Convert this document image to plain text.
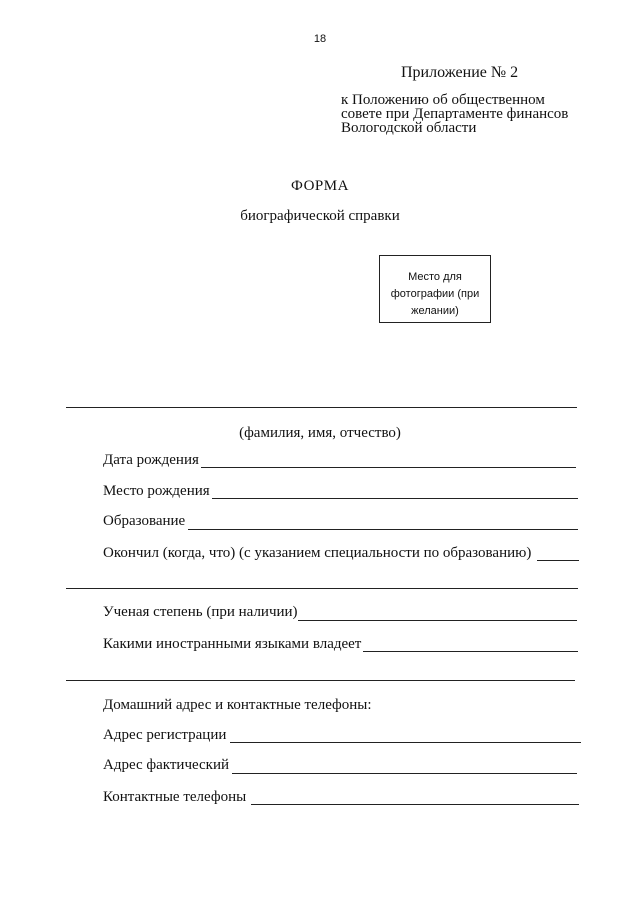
18
Приложение № 2
к Положению об общественном
совете при Департаменте финансов
Вологодской области
ФОРМА
биографической справки
Место для
фотографии (при
желании)
(фамилия, имя, отчество)
Дата рождения
Место рождения
Образование
Окончил (когда, что) (с указанием специальности по образованию)
Ученая степень (при наличии)
Какими иностранными языками владеет
Домашний адрес и контактные телефоны:
Адрес регистрации
Адрес фактический
Контактные телефоны
